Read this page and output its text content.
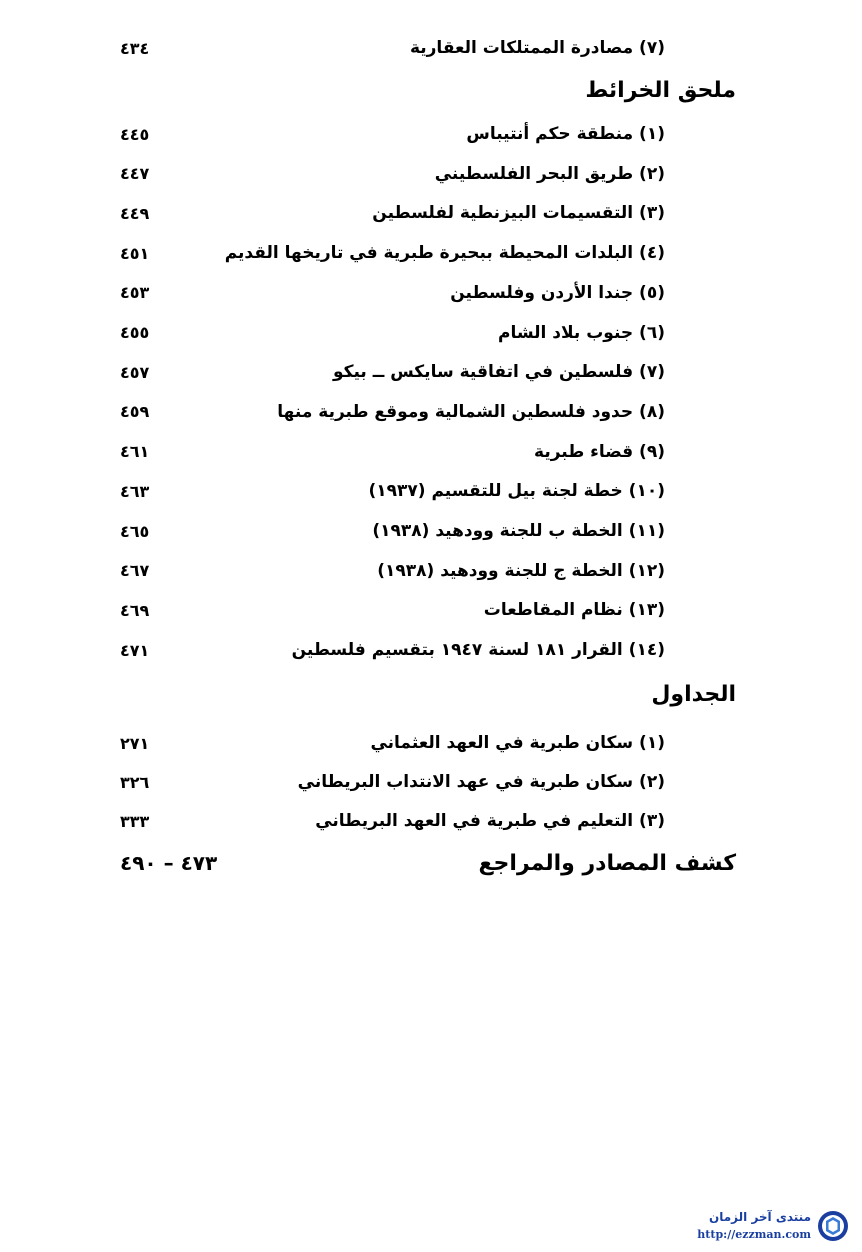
(٧) مصادرة الممتلكات العقارية
٤٣٤
ملحق الخرائط
(١) منطقة حكم أنتيباس
٤٤٥
(٢) طريق البحر الفلسطيني
٤٤٧
(٣) التقسيمات البيزنطية لفلسطين
٤٤٩
(٤) البلدات المحيطة ببحيرة طبرية في تاريخها القديم
٤٥١
(٥) جندا الأردن وفلسطين
٤٥٣
(٦) جنوب بلاد الشام
٤٥٥
(٧) فلسطين في اتفاقية سايكس ــ بيكو
٤٥٧
(٨) حدود فلسطين الشمالية وموقع طبرية منها
٤٥٩
(٩) قضاء طبرية
٤٦١
(١٠) خطة لجنة بيل للتقسيم (١٩٣٧)
٤٦٣
(١١) الخطة ب للجنة وودهيد (١٩٣٨)
٤٦٥
(١٢) الخطة ج للجنة وودهيد (١٩٣٨)
٤٦٧
(١٣) نظام المقاطعات
٤٦٩
(١٤) القرار ١٨١ لسنة ١٩٤٧ بتقسيم فلسطين
٤٧١
الجداول
(١) سكان طبرية في العهد العثماني
٢٧١
(٢) سكان طبرية في عهد الانتداب البريطاني
٣٢٦
(٣) التعليم في طبرية في العهد البريطاني
٣٣٣
كشف المصادر والمراجع
٤٧٣ – ٤٩٠
منتدى آخر الزمان
http://ezzman.com
